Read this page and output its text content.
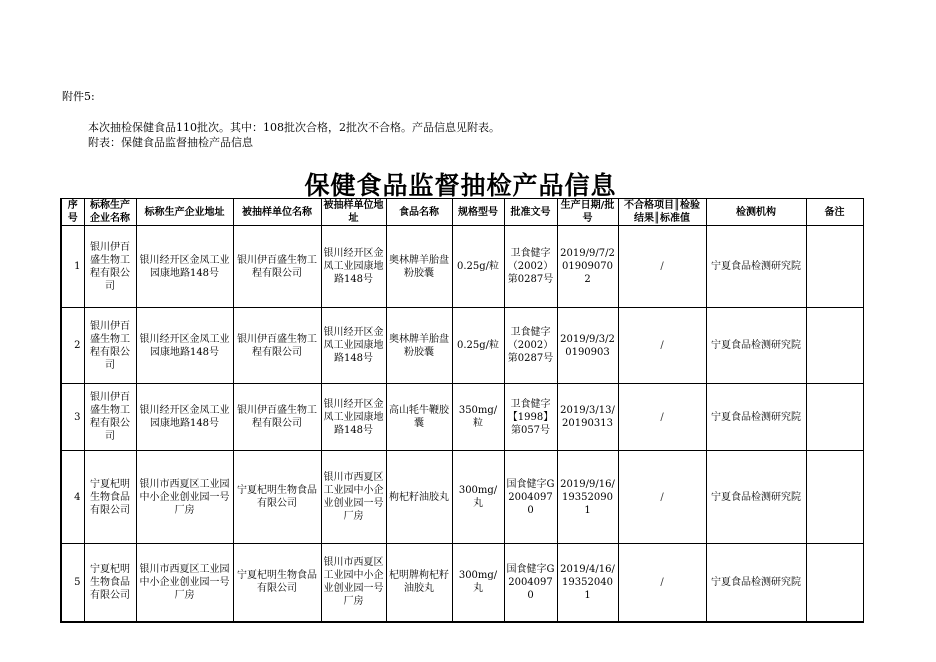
附件5:
本次抽检保健食品110批次。其中：108批次合格，2批次不合格。产品信息见附表。
附表：保健食品监督抽检产品信息
保健食品监督抽检产品信息
序号	标称生产企业名称	标称生产企业地址	被抽样单位名称	被抽样单位地址	食品名称	规格型号	批准文号	生产日期/批号	不合格项目║检验结果║标准值	检测机构	备注
1	银川伊百盛生物工程有限公司	银川经开区金凤工业园康地路148号	银川伊百盛生物工程有限公司	银川经开区金凤工业园康地路148号	奥林牌羊胎盘粉胶囊	0.25g/粒	卫食健字（2002）第0287号	2019/9/7/2019090702	/	宁夏食品检测研究院	
2	银川伊百盛生物工程有限公司	银川经开区金凤工业园康地路148号	银川伊百盛生物工程有限公司	银川经开区金凤工业园康地路148号	奥林牌羊胎盘粉胶囊	0.25g/粒	卫食健字（2002）第0287号	2019/9/3/20190903	/	宁夏食品检测研究院	
3	银川伊百盛生物工程有限公司	银川经开区金凤工业园康地路148号	银川伊百盛生物工程有限公司	银川经开区金凤工业园康地路148号	高山牦牛鞭胶囊	350mg/粒	卫食健字【1998】第057号	2019/3/13/20190313	/	宁夏食品检测研究院	
4	宁夏杞明生物食品有限公司	银川市西夏区工业园中小企业创业园一号厂房	宁夏杞明生物食品有限公司	银川市西夏区工业园中小企业创业园一号厂房	枸杞籽油胶丸	300mg/丸	国食健字G20040970	2019/9/16/193520901	/	宁夏食品检测研究院	
5	宁夏杞明生物食品有限公司	银川市西夏区工业园中小企业创业园一号厂房	宁夏杞明生物食品有限公司	银川市西夏区工业园中小企业创业园一号厂房	杞明牌枸杞籽油胶丸	300mg/丸	国食健字G20040970	2019/4/16/193520401	/	宁夏食品检测研究院	
